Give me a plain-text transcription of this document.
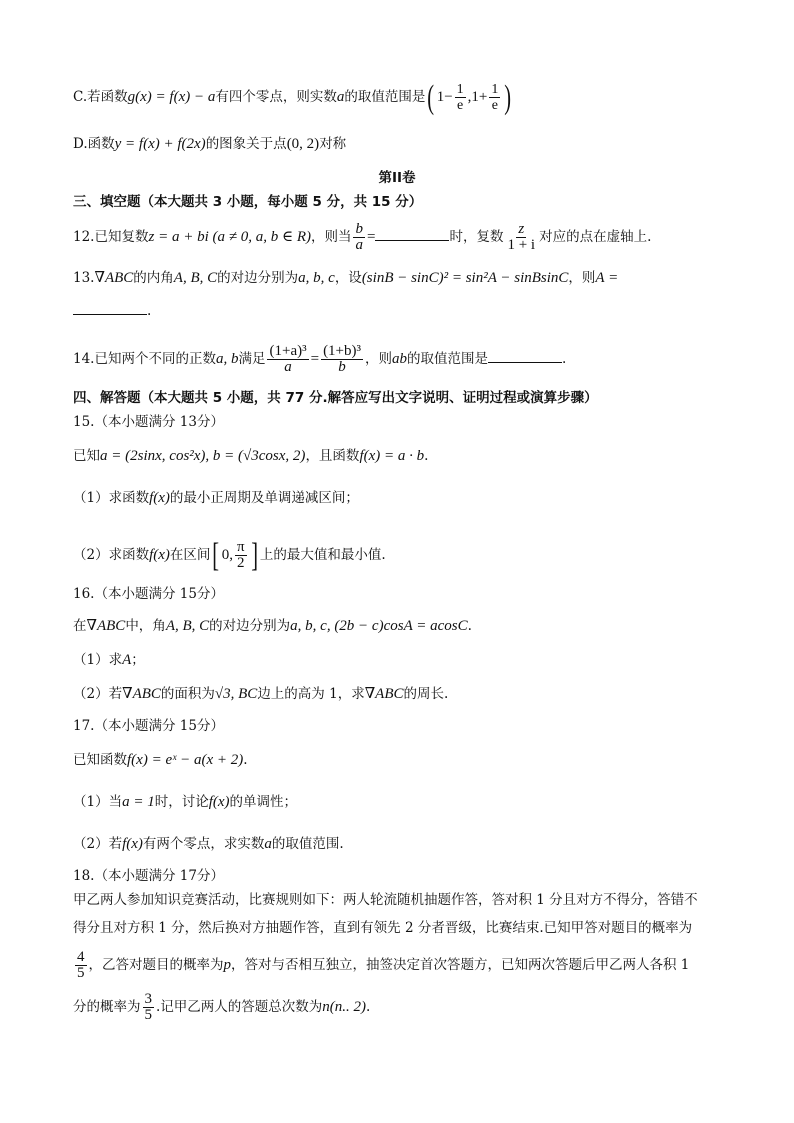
C.若函数g(x) = f(x) − a有四个零点，则实数a的取值范围是( $1- \frac{1}{e} ,1+ \frac{1}{e}$ )
D.函数y = f(x) + f(2x)的图象关于点(0, 2)对称
第II卷
三、填空题（本大题共 3 小题，每小题 5 分，共 15 分）
12.已知复数z = a + bi (a ≠ 0, a, b ∈ R)，则当 $\frac{b}{a}$ =	时，复数 $\frac{z}{1 + i}$ 对应的点在虚轴上.
13.∇ABC的内角A, B, C的对边分别为a, b, c，设(sinB − sinC)² = sin²A − sinBsinC，则A =
.
14.已知两个不同的正数a, b满足 $\frac{\text{(1+a)³}}{a} = \frac{\text{(1+b)³}}{b}$ ，则ab的取值范围是	.
四、解答题（本大题共 5 小题，共 77 分.解答应写出文字说明、证明过程或演算步骤）
15.（本小题满分 13分）
已知a = (2sinx, cos²x), b = (√3cosx, 2)，且函数f(x) = a · b.
（1）求函数f(x)的最小正周期及单调递减区间；
（2）求函数f(x)在区间[ 0, $\frac{\pi}{2}$ ] 上的最大值和最小值.
16.（本小题满分 15分）
在∇ABC中，角A, B, C的对边分别为a, b, c, (2b − c)cosA = acosC.
（1）求A；
（2）若∇ABC的面积为√3, BC边上的高为 1，求∇ABC的周长.
17.（本小题满分 15分）
已知函数f(x) = eˣ − a(x + 2).
（1）当a = 1时，讨论f(x)的单调性；
（2）若f(x)有两个零点，求实数a的取值范围.
18.（本小题满分 17分）
甲乙两人参加知识竞赛活动，比赛规则如下：两人轮流随机抽题作答，答对积 1 分且对方不得分，答错不
得分且对方积 1 分，然后换对方抽题作答，直到有领先 2 分者晋级，比赛结束.已知甲答对题目的概率为
$\frac{4}{5}$ ，乙答对题目的概率为p，答对与否相互独立，抽签决定首次答题方，已知两次答题后甲乙两人各积 1
分的概率为 $\frac{3}{5}$ .记甲乙两人的答题总次数为n(n.. 2).
